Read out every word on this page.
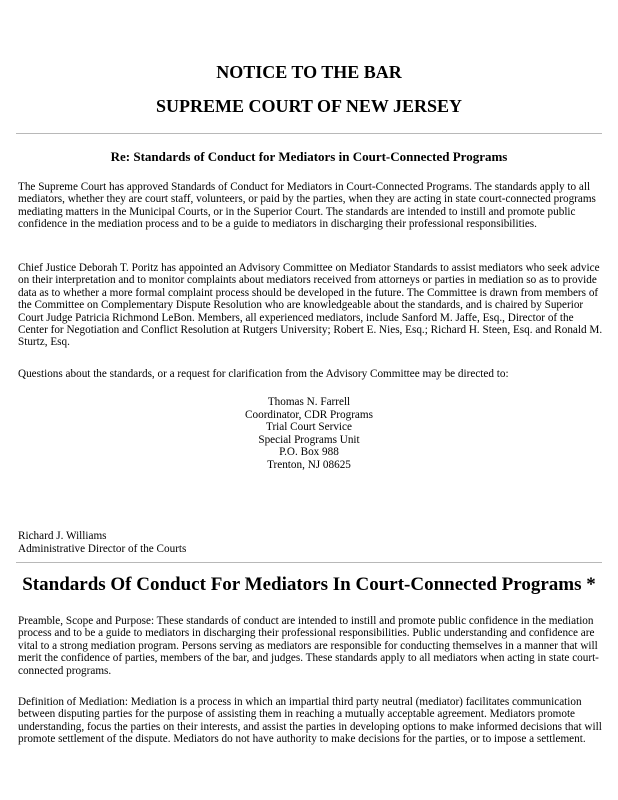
NOTICE TO THE BAR
SUPREME COURT OF NEW JERSEY
Re: Standards of Conduct for Mediators in Court-Connected Programs

The Supreme Court has approved Standards of Conduct for Mediators in Court-Connected Programs. The standards apply to all mediators, whether they are court staff, volunteers, or paid by the parties, when they are acting in state court-connected programs mediating matters in the Municipal Courts, or in the Superior Court. The standards are intended to instill and promote public confidence in the mediation process and to be a guide to mediators in discharging their professional responsibilities.

Chief Justice Deborah T. Poritz has appointed an Advisory Committee on Mediator Standards to assist mediators who seek advice on their interpretation and to monitor complaints about mediators received from attorneys or parties in mediation so as to provide data as to whether a more formal complaint process should be developed in the future. The Committee is drawn from members of the Committee on Complementary Dispute Resolution who are knowledgeable about the standards, and is chaired by Superior Court Judge Patricia Richmond LeBon. Members, all experienced mediators, include Sanford M. Jaffe, Esq., Director of the Center for Negotiation and Conflict Resolution at Rutgers University; Robert E. Nies, Esq.; Richard H. Steen, Esq. and Ronald M. Sturtz, Esq.

Questions about the standards, or a request for clarification from the Advisory Committee may be directed to:

Thomas N. Farrell
Coordinator, CDR Programs
Trial Court Service
Special Programs Unit
P.O. Box 988
Trenton, NJ 08625
Richard J. Williams
Administrative Director of the Courts
Standards Of Conduct For Mediators In Court-Connected Programs *

Preamble, Scope and Purpose: These standards of conduct are intended to instill and promote public confidence in the mediation process and to be a guide to mediators in discharging their professional responsibilities. Public understanding and confidence are vital to a strong mediation program. Persons serving as mediators are responsible for conducting themselves in a manner that will merit the confidence of parties, members of the bar, and judges. These standards apply to all mediators when acting in state court-connected programs.

Definition of Mediation: Mediation is a process in which an impartial third party neutral (mediator) facilitates communication between disputing parties for the purpose of assisting them in reaching a mutually acceptable agreement. Mediators promote understanding, focus the parties on their interests, and assist the parties in developing options to make informed decisions that will promote settlement of the dispute. Mediators do not have authority to make decisions for the parties, or to impose a settlement.
